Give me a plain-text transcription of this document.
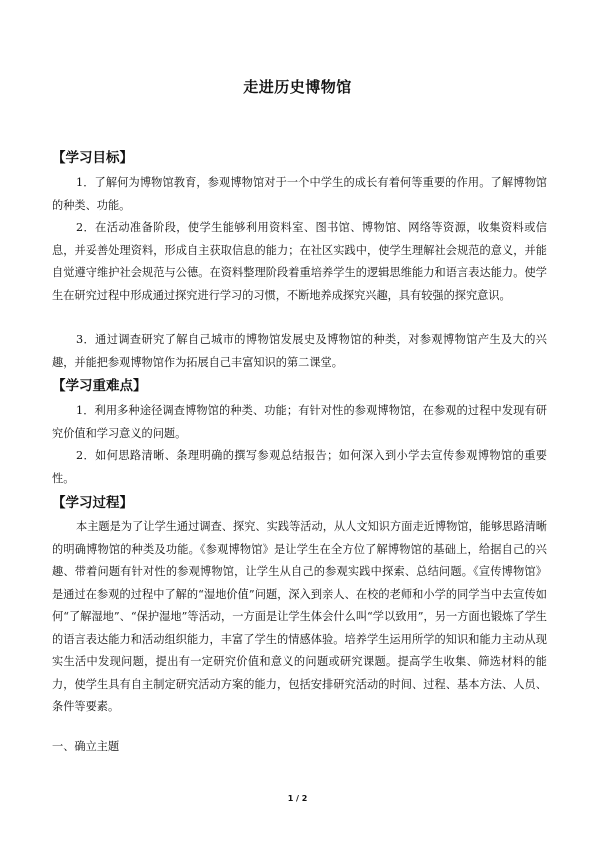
走进历史博物馆
【学习目标】

1．了解何为博物馆教育，参观博物馆对于一个中学生的成长有着何等重要的作用。了解博物馆的种类、功能。

2．在活动准备阶段，使学生能够利用资料室、图书馆、博物馆、网络等资源，收集资料或信息，并妥善处理资料，形成自主获取信息的能力；在社区实践中，使学生理解社会规范的意义，并能自觉遵守维护社会规范与公德。在资料整理阶段着重培养学生的逻辑思维能力和语言表达能力。使学生在研究过程中形成通过探究进行学习的习惯，不断地养成探究兴趣，具有较强的探究意识。

3．通过调查研究了解自己城市的博物馆发展史及博物馆的种类，对参观博物馆产生及大的兴趣，并能把参观博物馆作为拓展自己丰富知识的第二课堂。

【学习重难点】

1．利用多种途径调查博物馆的种类、功能；有针对性的参观博物馆，在参观的过程中发现有研究价值和学习意义的问题。

2．如何思路清晰、条理明确的撰写参观总结报告；如何深入到小学去宣传参观博物馆的重要性。

【学习过程】

本主题是为了让学生通过调查、探究、实践等活动，从人文知识方面走近博物馆，能够思路清晰的明确博物馆的种类及功能。《参观博物馆》是让学生在全方位了解博物馆的基础上，给据自己的兴趣、带着问题有针对性的参观博物馆，让学生从自己的参观实践中探索、总结问题。《宣传博物馆》是通过在参观的过程中了解的“湿地价值”问题，深入到亲人、在校的老师和小学的同学当中去宣传如何“了解湿地”、“保护湿地”等活动，一方面是让学生体会什么叫“学以致用”，另一方面也锻炼了学生的语言表达能力和活动组织能力，丰富了学生的情感体验。培养学生运用所学的知识和能力主动从现实生活中发现问题，提出有一定研究价值和意义的问题或研究课题。提高学生收集、筛选材料的能力，使学生具有自主制定研究活动方案的能力，包括安排研究活动的时间、过程、基本方法、人员、条件等要素。

一、确立主题
1 / 2
